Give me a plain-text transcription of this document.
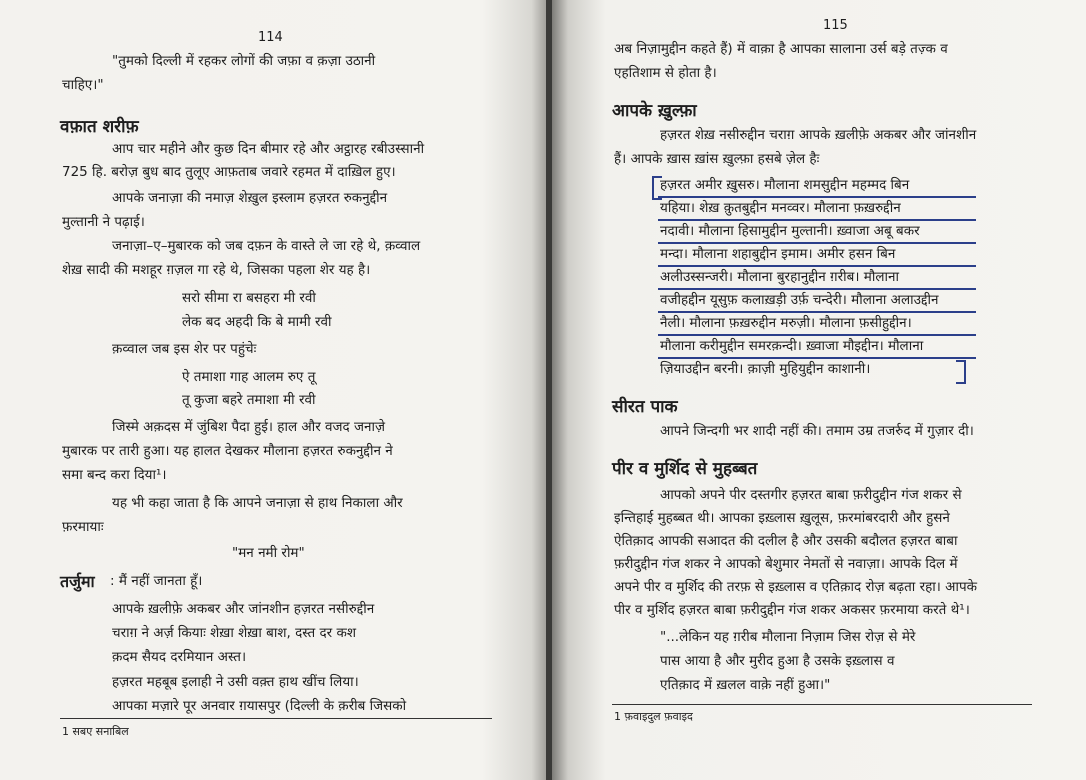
114
"तुमको दिल्ली में रहकर लोगों की जफ़ा व क़ज़ा उठानी
चाहिए।"
वफ़ात शरीफ़
आप चार महीने और कुछ दिन बीमार रहे और अट्ठारह रबीउस्सानी
725 हि. बरोज़ बुध बाद तुलूए आफ़ताब जवारे रहमत में दाख़िल हुए।
आपके जनाज़ा की नमाज़ शेख़ुल इस्लाम हज़रत रुकनुद्दीन
मुल्तानी ने पढ़ाई।
जनाज़ा–ए–मुबारक को जब दफ़न के वास्ते ले जा रहे थे, क़व्वाल
शेख़ सादी की मशहूर ग़ज़ल गा रहे थे, जिसका पहला शेर यह है।
सरो सीमा रा बसहरा मी रवी
लेक बद अहदी कि बे मामी रवी
क़व्वाल जब इस शेर पर पहुंचेः
ऐ तमाशा गाह आलम रुए तू
तू कुजा बहरे तमाशा मी रवी
जिस्मे अक़दस में जुंबिश पैदा हुई। हाल और वजद जनाज़े
मुबारक पर तारी हुआ। यह हालत देखकर मौलाना हज़रत रुकनुद्दीन ने
समा बन्द करा दिया¹।
यह भी कहा जाता है कि आपने जनाज़ा से हाथ निकाला और
फ़रमायाः
"मन नमी रोम"
तर्जुमा : मैं नहीं जानता हूँ।
आपके ख़लीफ़े अकबर और जांनशीन हज़रत नसीरुद्दीन
चराग़ ने अर्ज़ कियाः शेख़ा शेख़ा बाश, दस्त दर कश
क़दम सैयद दरमियान अस्त।
हज़रत महबूब इलाही ने उसी वक़्त हाथ खींच लिया।
आपका मज़ारे पूर अनवार ग़यासपुर (दिल्ली के क़रीब जिसको
1 सबए सनाबिल
115
अब निज़ामुद्दीन कहते हैं) में वाक़ा है आपका सालाना उर्स बड़े तज़्क व
एहतिशाम से होता है।
आपके ख़ुल्फ़ा
हज़रत शेख़ नसीरुद्दीन चराग़ आपके ख़लीफ़े अकबर और जांनशीन
हैं। आपके ख़ास ख़ांस ख़ुल्फ़ा हसबे ज़ेल हैः
हज़रत अमीर ख़ुसरु। मौलाना शमसुद्दीन महम्मद बिन
यहिया। शेख़ क़ुतबुद्दीन मनव्वर। मौलाना फ़ख़रुद्दीन
नदावी। मौलाना हिसामुद्दीन मुल्तानी। ख़्वाजा अबू बकर
मन्दा। मौलाना शहाबुद्दीन इमाम। अमीर हसन बिन
अलीउस्सन्जरी। मौलाना बुरहानुद्दीन ग़रीब। मौलाना
वजीहद्दीन यूसुफ़ कलाख़ड़ी उर्फ़ चन्देरी। मौलाना अलाउद्दीन
नैली। मौलाना फ़ख़रुद्दीन मरुज़ी। मौलाना फ़सीहुद्दीन।
मौलाना करीमुद्दीन समरक़न्दी। ख़्वाजा मौइद्दीन। मौलाना
ज़ियाउद्दीन बरनी। क़ाज़ी मुहियुद्दीन काशानी।
सीरत पाक
आपने जिन्दगी भर शादी नहीं की। तमाम उम्र तजर्रुद में गुज़ार दी।
पीर व मुर्शिद से मुहब्बत
आपको अपने पीर दस्तगीर हज़रत बाबा फ़रीदुद्दीन गंज शकर से
इन्तिहाई मुहब्बत थी। आपका इख़्लास ख़ुलूस, फ़रमांबरदारी और हुसने
ऐतिक़ाद आपकी सआदत की दलील है और उसकी बदौलत हज़रत बाबा
फ़रीदुद्दीन गंज शकर ने आपको बेशुमार नेमतों से नवाज़ा। आपके दिल में
अपने पीर व मुर्शिद की तरफ़ से इख़्लास व एतिक़ाद रोज़ बढ़ता रहा। आपके
पीर व मुर्शिद हज़रत बाबा फ़रीदुद्दीन गंज शकर अकसर फ़रमाया करते थे¹।
"...लेकिन यह ग़रीब मौलाना निज़ाम जिस रोज़ से मेरे
पास आया है और मुरीद हुआ है उसके इख़्लास व
एतिक़ाद में ख़लल वाक़े नहीं हुआ।"
1 फ़वाइदुल फ़वाइद
